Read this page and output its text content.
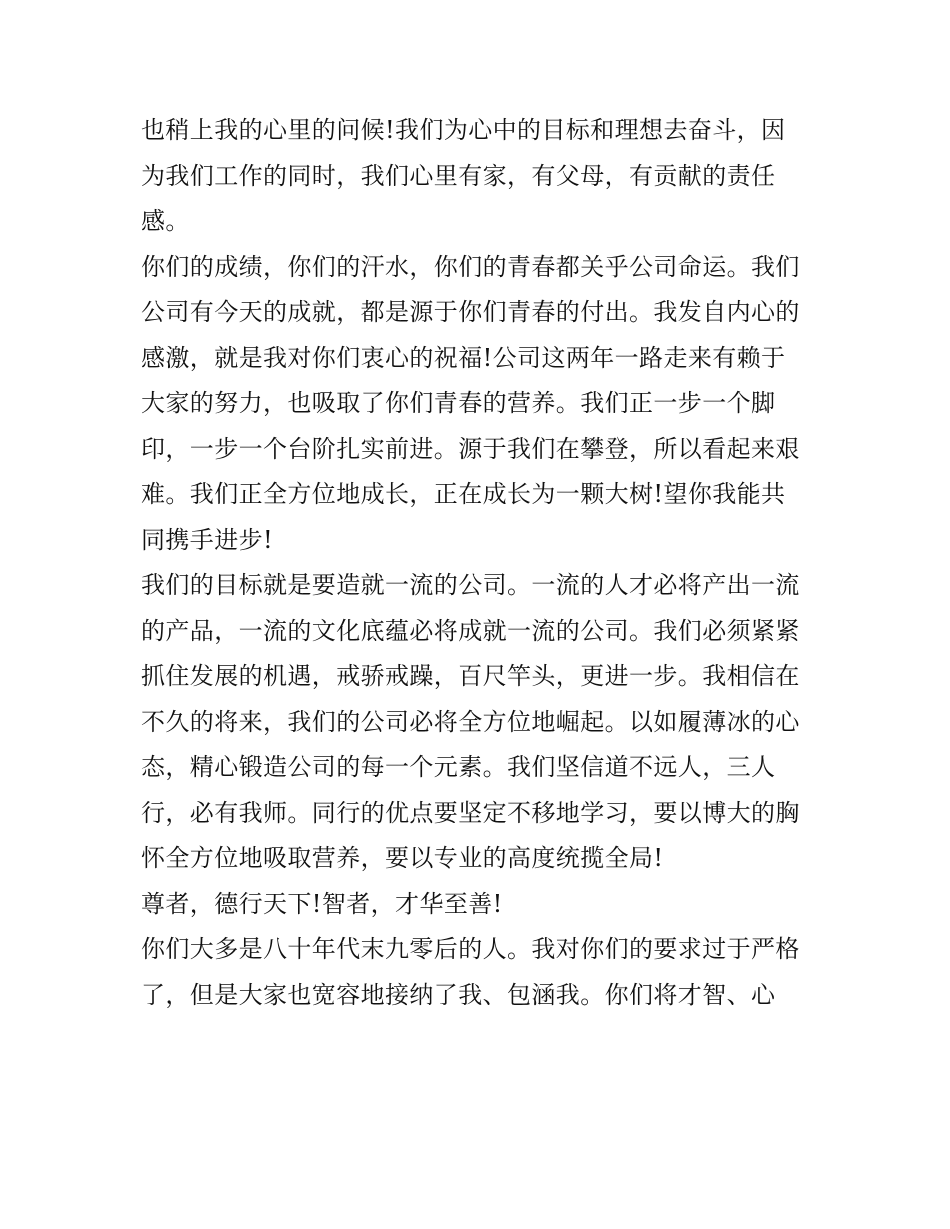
也稍上我的心里的问候!我们为心中的目标和理想去奋斗，因
为我们工作的同时，我们心里有家，有父母，有贡献的责任
感。
你们的成绩，你们的汗水，你们的青春都关乎公司命运。我们
公司有今天的成就，都是源于你们青春的付出。我发自内心的
感激，就是我对你们衷心的祝福!公司这两年一路走来有赖于
大家的努力，也吸取了你们青春的营养。我们正一步一个脚
印，一步一个台阶扎实前进。源于我们在攀登，所以看起来艰
难。我们正全方位地成长，正在成长为一颗大树!望你我能共
同携手进步!
我们的目标就是要造就一流的公司。一流的人才必将产出一流
的产品，一流的文化底蕴必将成就一流的公司。我们必须紧紧
抓住发展的机遇，戒骄戒躁，百尺竿头，更进一步。我相信在
不久的将来，我们的公司必将全方位地崛起。以如履薄冰的心
态，精心锻造公司的每一个元素。我们坚信道不远人，三人
行，必有我师。同行的优点要坚定不移地学习，要以博大的胸
怀全方位地吸取营养，要以专业的高度统揽全局!
尊者，德行天下!智者，才华至善!
你们大多是八十年代末九零后的人。我对你们的要求过于严格
了，但是大家也宽容地接纳了我、包涵我。你们将才智、心
